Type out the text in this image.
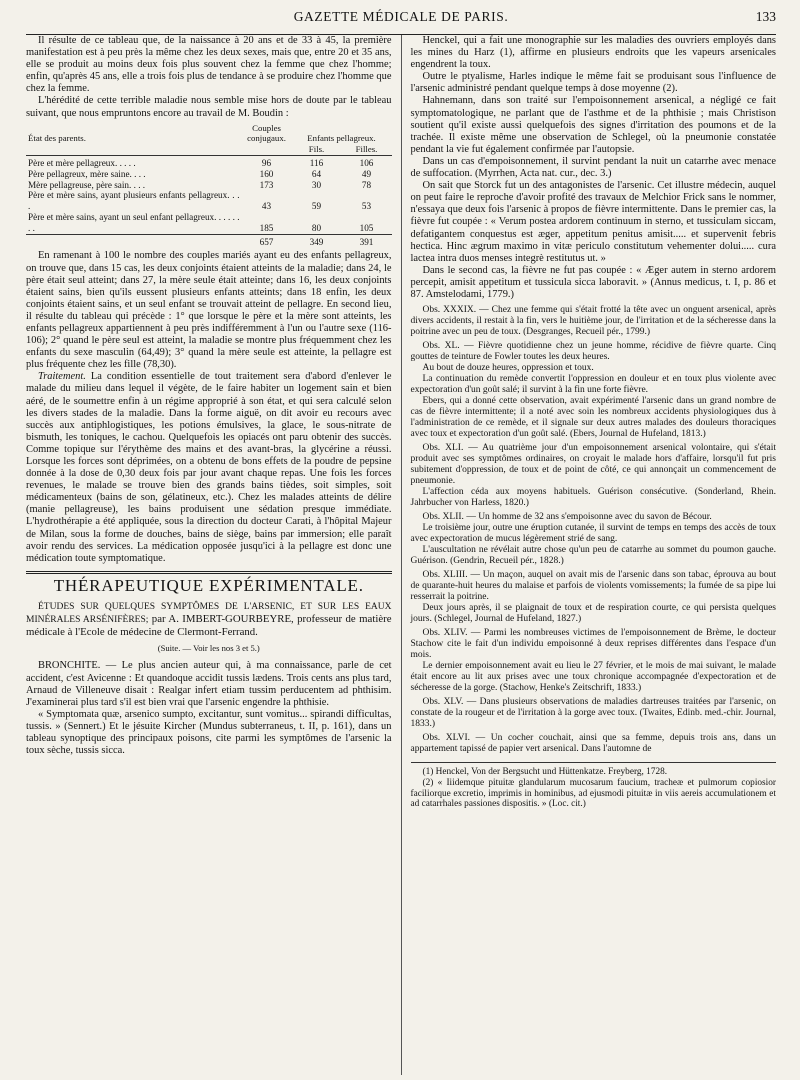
GAZETTE MÉDICALE DE PARIS.	133

Il résulte de ce tableau que, de la naissance à 20 ans et de 33 à 45, la première manifestation est à peu près la même chez les deux sexes, mais que, entre 20 et 35 ans, elle se produit au moins deux fois plus souvent chez la femme que chez l'homme; enfin, qu'après 45 ans, elle a trois fois plus de tendance à se produire chez l'homme que chez la femme.

L'hérédité de cette terrible maladie nous semble mise hors de doute par le tableau suivant, que nous empruntons encore au travail de M. Boudin :

État des parents.	Couples conjugaux.	Enfants pellagreux.	
		Fils.	Filles.

Père et mère pellagreux. . . . .	96	116	106
Père pellagreux, mère saine. . . .	160	64	49
Mère pellagreuse, père sain. . . .	173	30	78
Père et mère sains, ayant plusieurs enfants pellagreux. . . .	43	59	53
Père et mère sains, ayant un seul enfant pellagreux. . . . . . . .	185	80	105

	657	349	391

En ramenant à 100 le nombre des couples mariés ayant eu des enfants pellagreux, on trouve que, dans 15 cas, les deux conjoints étaient atteints de la maladie; dans 24, le père était seul atteint; dans 27, la mère seule était atteinte; dans 16, les deux conjoints étaient sains, bien qu'ils eussent plusieurs enfants atteints; dans 18 enfin, les deux conjoints étaient sains, et un seul enfant se trouvait atteint de pellagre. En second lieu, il résulte du tableau qui précède : 1° que lorsque le père et la mère sont atteints, les enfants pellagreux appartiennent à peu près indifféremment à l'un ou l'autre sexe (116-106); 2° quand le père seul est atteint, la maladie se montre plus fréquemment chez les enfants du sexe masculin (64,49); 3° quand la mère seule est atteinte, la pellagre est plus fréquente chez les fille (78,30).

Traitement. La condition essentielle de tout traitement sera d'abord d'enlever le malade du milieu dans lequel il végète, de le faire habiter un logement sain et bien aéré, de le soumettre enfin à un régime approprié à son état, et qui sera calculé selon les divers stades de la maladie. Dans la forme aiguë, on dit avoir eu recours avec succès aux antiphlogistiques, les potions émulsives, la glace, le sous-nitrate de bismuth, les toniques, le cachou. Quelquefois les opiacés ont paru obtenir des succès. Comme topique sur l'érythème des mains et des avant-bras, la glycérine a réussi. Lorsque les forces sont déprimées, on a obtenu de bons effets de la poudre de pepsine donnée à la dose de 0,30 deux fois par jour avant chaque repas. Une fois les forces revenues, le malade se trouve bien des grands bains tièdes, soit simples, soit médicamenteux (bains de son, gélatineux, etc.). Chez les malades atteints de délire (manie pellagreuse), les bains produisent une sédation presque immédiate. L'hydrothérapie a été appliquée, sous la direction du docteur Carati, à l'hôpital Majeur de Milan, sous la forme de douches, bains de siège, bains par immersion; elle paraît avoir rendu des services. La médication opposée jusqu'ici à la pellagre est donc une médication toute symptomatique.

THÉRAPEUTIQUE EXPÉRIMENTALE.

ÉTUDES SUR QUELQUES SYMPTÔMES DE L'ARSENIC, ET SUR LES EAUX MINÉRALES ARSÉNIFÈRES; par A. IMBERT-GOURBEYRE, professeur de matière médicale à l'Ecole de médecine de Clermont-Ferrand.

(Suite. — Voir les nos 3 et 5.)

BRONCHITE. — Le plus ancien auteur qui, à ma connaissance, parle de cet accident, c'est Avicenne : Et quandoque accidit tussis lædens. Trois cents ans plus tard, Arnaud de Villeneuve disait : Realgar infert etiam tussim perducentem ad phthisim. J'examinerai plus tard s'il est bien vrai que l'arsenic engendre la phthisie.

« Symptomata quæ, arsenico sumpto, excitantur, sunt vomitus... spirandi difficultas, tussis. » (Sennert.) Et le jésuite Kircher (Mundus subterraneus, t. II, p. 161), dans un tableau synoptique des principaux poisons, cite parmi les symptômes de l'arsenic la toux sèche, tussis sicca.

Henckel, qui a fait une monographie sur les maladies des ouvriers employés dans les mines du Harz (1), affirme en plusieurs endroits que les vapeurs arsenicales engendrent la toux.

Outre le ptyalisme, Harles indique le même fait se produisant sous l'influence de l'arsenic administré pendant quelque temps à dose moyenne (2).

Hahnemann, dans son traité sur l'empoisonnement arsenical, a négligé ce fait symptomatologique, ne parlant que de l'asthme et de la phthisie ; mais Christison soutient qu'il existe aussi quelquefois des signes d'irritation des poumons et de la trachée. Il existe même une observation de Schlegel, où la pneumonie constatée pendant la vie fut également confirmée par l'autopsie.

Dans un cas d'empoisonnement, il survint pendant la nuit un catarrhe avec menace de suffocation. (Myrrhen, Acta nat. cur., dec. 3.)

On sait que Storck fut un des antagonistes de l'arsenic. Cet illustre médecin, auquel on peut faire le reproche d'avoir profité des travaux de Melchior Frick sans le nommer, n'essaya que deux fois l'arsenic à propos de fièvre intermittente. Dans le premier cas, la fièvre fut coupée : « Verum postea ardorem continuum in sterno, et tussiculam siccam, defatigantem conquestus est æger, appetitum penitus amisit..... et supervenit febris hectica. Hinc ægrum maximo in vitæ periculo constitutum vehementer dolui..... cura lactea intra duos menses integrè restitutus ut. »

Dans le second cas, la fièvre ne fut pas coupée : « Æger autem in sterno ardorem percepit, amisit appetitum et tussicula sicca laboravit. » (Annus medicus, t. I, p. 86 et 87. Amstelodami, 1779.)

Obs. XXXIX. — Chez une femme qui s'était frotté la tête avec un onguent arsenical, après divers accidents, il restait à la fin, vers le huitième jour, de l'irritation et de la sécheresse dans la poitrine avec un peu de toux. (Desgranges, Recueil pér., 1799.)

Obs. XL. — Fièvre quotidienne chez un jeune homme, récidive de fièvre quarte. Cinq gouttes de teinture de Fowler toutes les deux heures.

Au bout de douze heures, oppression et toux.

La continuation du remède convertit l'oppression en douleur et en toux plus violente avec expectoration d'un goût salé; il survint à la fin une forte fièvre.

Ebers, qui a donné cette observation, avait expérimenté l'arsenic dans un grand nombre de cas de fièvre intermittente; il a noté avec soin les nombreux accidents physiologiques dus à l'administration de ce remède, et il signale sur deux autres malades des douleurs thoraciques avec toux et expectoration d'un goût salé. (Ebers, Journal de Hufeland, 1813.)

Obs. XLI. — Au quatrième jour d'un empoisonnement arsenical volontaire, qui s'était produit avec ses symptômes ordinaires, on croyait le malade hors d'affaire, lorsqu'il fut pris subitement d'oppression, de toux et de point de côté, ce qui annonçait un commencement de pneumonie.

L'affection céda aux moyens habituels. Guérison consécutive. (Sonderland, Rhein. Jahrbucher von Harless, 1820.)

Obs. XLII. — Un homme de 32 ans s'empoisonne avec du savon de Bécour.

Le troisième jour, outre une éruption cutanée, il survint de temps en temps des accès de toux avec expectoration de mucus légèrement strié de sang.

L'auscultation ne révélait autre chose qu'un peu de catarrhe au sommet du poumon gauche. Guérison. (Gendrin, Recueil pér., 1828.)

Obs. XLIII. — Un maçon, auquel on avait mis de l'arsenic dans son tabac, éprouva au bout de quarante-huit heures du malaise et parfois de violents vomissements; la fumée de sa pipe lui resserrait la poitrine.

Deux jours après, il se plaignait de toux et de respiration courte, ce qui persista quelques jours. (Schlegel, Journal de Hufeland, 1827.)

Obs. XLIV. — Parmi les nombreuses victimes de l'empoisonnement de Brème, le docteur Stachow cite le fait d'un individu empoisonné à deux reprises différentes dans l'espace d'un mois.

Le dernier empoisonnement avait eu lieu le 27 février, et le mois de mai suivant, le malade était encore au lit aux prises avec une toux chronique accompagnée d'expectoration et de sécheresse de la gorge. (Stachow, Henke's Zeitschrift, 1833.)

Obs. XLV. — Dans plusieurs observations de maladies dartreuses traitées par l'arsenic, on constate de la rougeur et de l'irritation à la gorge avec toux. (Twaites, Edinb. med.-chir. Journal, 1833.)

Obs. XLVI. — Un cocher couchait, ainsi que sa femme, depuis trois ans, dans un appartement tapissé de papier vert arsenical. Dans l'automne de

(1) Henckel, Von der Bergsucht und Hüttenkatze. Freyberg, 1728.

(2) « Iiidemque pituitæ glandularum mucosarum faucium, tracheæ et pulmorum copiosior faciliorque excretio, imprimis in hominibus, ad ejusmodi pituitæ in viis aereis accumulationem et ad catarrhales passiones dispositis. » (Loc. cit.)
